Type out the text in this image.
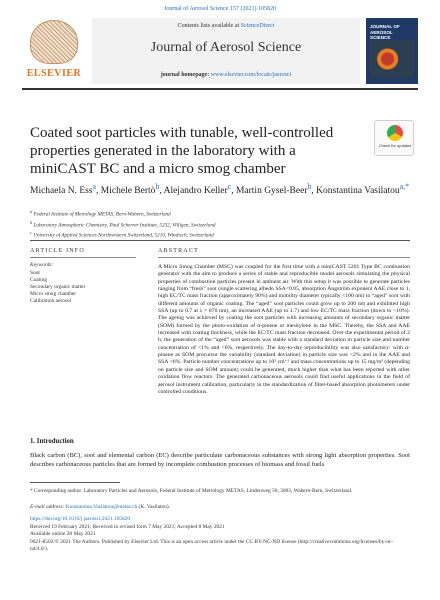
Journal of Aerosol Science 157 (2021) 105820
ELSEVIER
Contents lists available at ScienceDirect
Journal of Aerosol Science
journal homepage: www.elsevier.com/locate/jaerosci
JOURNAL OF AEROSOL SCIENCE
Coated soot particles with tunable, well-controlled properties generated in the laboratory with a miniCAST BC and a micro smog chamber
Check for updates
Michaela N. Ess$^a$, Michele Bertò$^b$, Alejandro Keller$^c$, Martin Gysel-Beer$^b$, Konstantina Vasilatou$^{a,*}$
$^a$ Federal Institute of Metrology METAS, Bern-Wabern, Switzerland
$^b$ Laboratory Atmospheric Chemistry, Paul Scherrer Institute, 5232, Villigen, Switzerland
$^c$ University of Applied Sciences Northwestern Switzerland, 5210, Windisch, Switzerland
ARTICLE INFO	ABSTRACT
Keywords:
Soot
Coating
Secondary organic matter
Micro smog chamber
Calibration aerosol
A Micro Smog Chamber (MSC) was coupled for the first time with a miniCAST 5201 Type BC combustion generator with the aim to produce a series of stable and reproducible model aerosols simulating the physical properties of combustion particles present in ambient air. With this setup it was possible to generate particles ranging from “fresh” soot (single scattering albedo SSA<0.05, absorption Ångström exponent AAE close to 1, high EC/TC mass fraction (approximately 90%) and mobility diameter typically <100 nm) to “aged” soot with different amounts of organic coating. The “aged” soot particles could grow up to 200 nm and exhibited high SSA (up to 0.7 at λ = 870 nm), an increased AAE (up to 1.7) and low EC/TC mass fraction (down to <10%). The ageing was achieved by coating the soot particles with increasing amounts of secondary organic matter (SOM) formed by the photo-oxidation of α-pinene or mesitylene in the MSC. Thereby, the SSA and AAE increased with coating thickness, while the EC/TC mass fraction decreased. Over the experimental period of 2 h, the generation of the “aged” soot aerosols was stable with a standard deviation in particle size and number concentration of <1% and <6%, respectively. The day-to-day reproducibility was also satisfactory: with α-pinene as SOM precursor the variability (standard deviation) in particle size was <2% and in the AAE and SSA <6%. Particle number concentrations up to 10⁵ cm⁻³ and mass concentrations up to 15 mg/m³ (depending on particle size and SOM amount) could be generated, much higher than what has been reported with other oxidation flow reactors. The generated carbonaceous aerosols could find useful applications in the field of aerosol instrument calibration, particularly in the standardization of filter-based absorption photometers under controlled conditions.
1. Introduction
Black carbon (BC), soot and elemental carbon (EC) describe particulate carbonaceous substances with strong light absorption properties. Soot describes carbonaceous particles that are formed by incomplete combustion processes of biomass and fossil fuels
* Corresponding author. Laboratory Particles and Aerosols, Federal Institute of Metrology METAS, Lindenweg 50, 3003, Wabern-Bern, Switzerland.
E-mail address: Konstantina.Vasilatou@metas.ch (K. Vasilatou).
https://doi.org/10.1016/j.jaerosci.2021.105820
Received 19 February 2021; Received in revised form 7 May 2021; Accepted 8 May 2021
Available online 28 May 2021
0021-8502/© 2021 The Authors. Published by Elsevier Ltd. This is an open access article under the CC BY-NC-ND license (http://creativecommons.org/licenses/by-nc-nd/4.0/).
